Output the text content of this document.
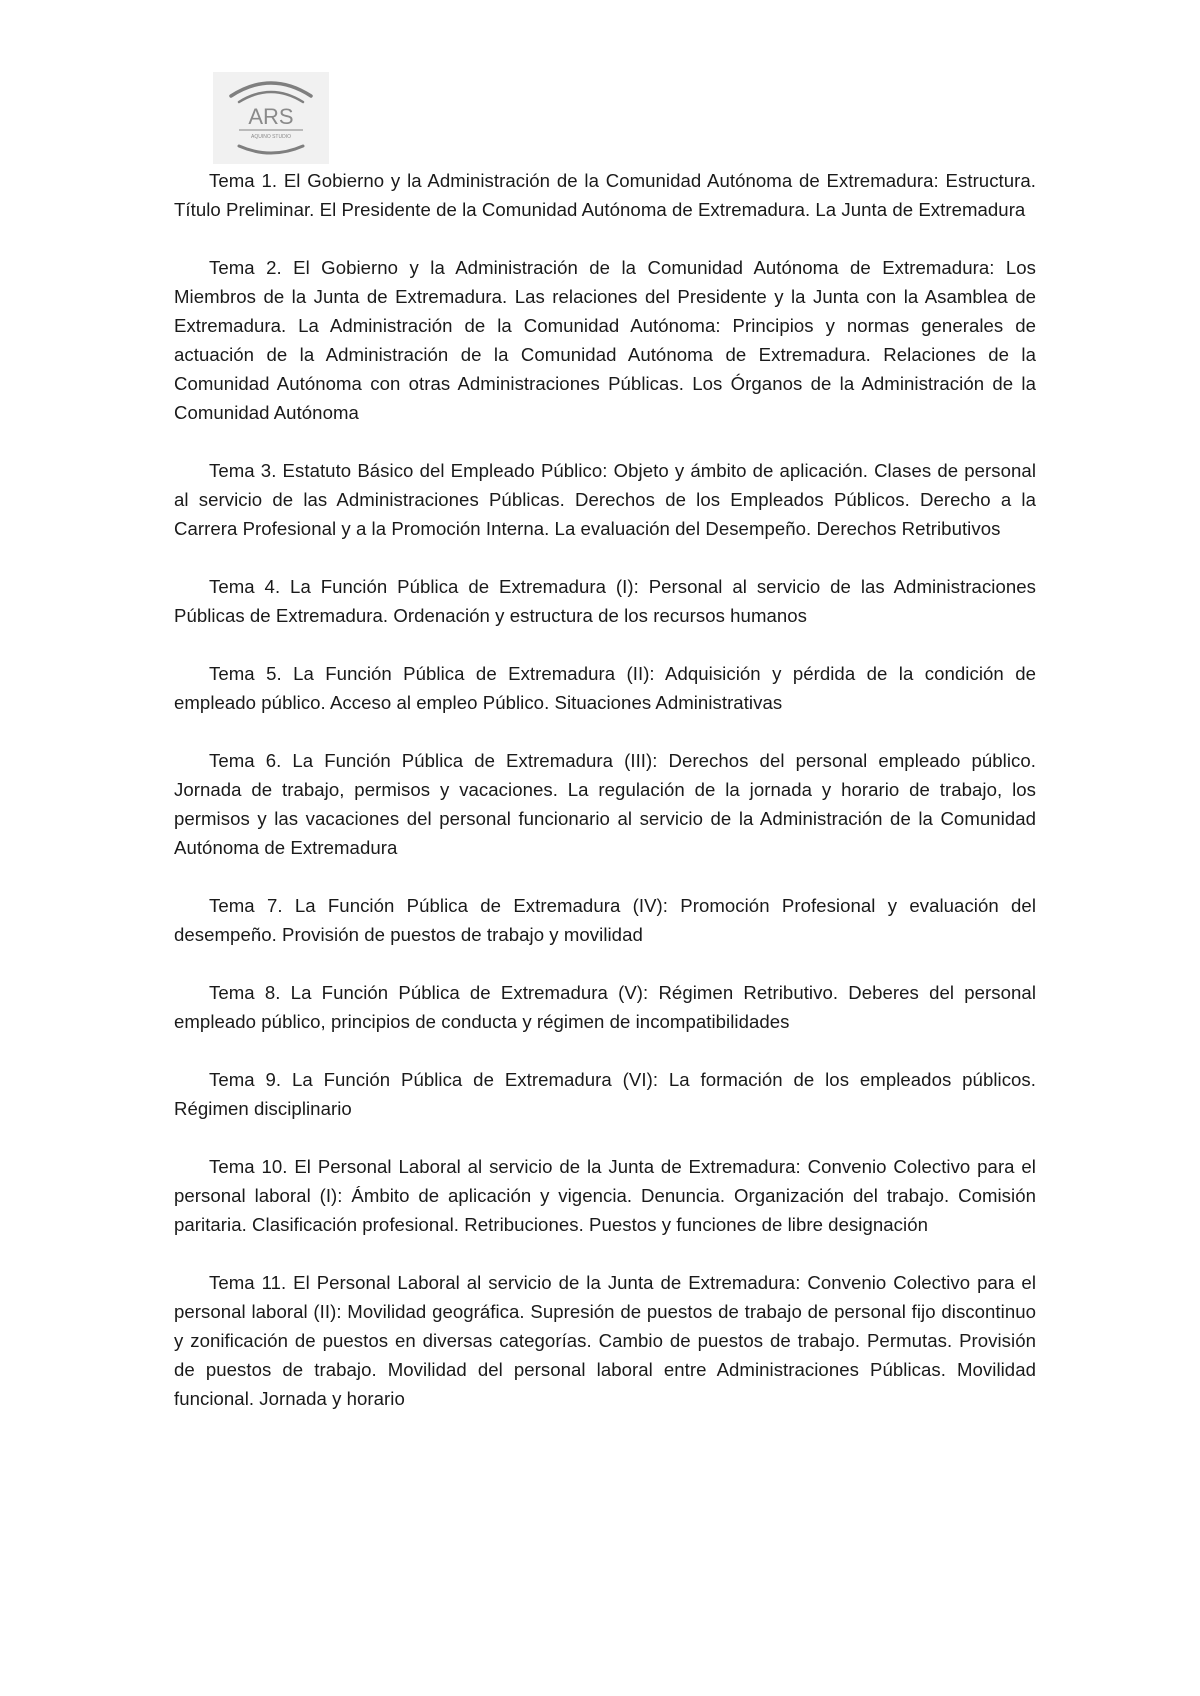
ARS
AQUINO STUDIO

Tema 1. El Gobierno y la Administración de la Comunidad Autónoma de Extremadura: Estructura. Título Preliminar. El Presidente de la Comunidad Autónoma de Extremadura. La Junta de Extremadura

Tema 2. El Gobierno y la Administración de la Comunidad Autónoma de Extremadura: Los Miembros de la Junta de Extremadura. Las relaciones del Presidente y la Junta con la Asamblea de Extremadura. La Administración de la Comunidad Autónoma: Principios y normas generales de actuación de la Administración de la Comunidad Autónoma de Extremadura. Relaciones de la Comunidad Autónoma con otras Administraciones Públicas. Los Órganos de la Administración de la Comunidad Autónoma

Tema 3. Estatuto Básico del Empleado Público: Objeto y ámbito de aplicación. Clases de personal al servicio de las Administraciones Públicas. Derechos de los Empleados Públicos. Derecho a la Carrera Profesional y a la Promoción Interna. La evaluación del Desempeño. Derechos Retributivos

Tema 4. La Función Pública de Extremadura (I): Personal al servicio de las Administraciones Públicas de Extremadura. Ordenación y estructura de los recursos humanos

Tema 5. La Función Pública de Extremadura (II): Adquisición y pérdida de la condición de empleado público. Acceso al empleo Público. Situaciones Administrativas

Tema 6. La Función Pública de Extremadura (III): Derechos del personal empleado público. Jornada de trabajo, permisos y vacaciones. La regulación de la jornada y horario de trabajo, los permisos y las vacaciones del personal funcionario al servicio de la Administración de la Comunidad Autónoma de Extremadura

Tema 7. La Función Pública de Extremadura (IV): Promoción Profesional y evaluación del desempeño. Provisión de puestos de trabajo y movilidad

Tema 8. La Función Pública de Extremadura (V): Régimen Retributivo. Deberes del personal empleado público, principios de conducta y régimen de incompatibilidades

Tema 9. La Función Pública de Extremadura (VI): La formación de los empleados públicos. Régimen disciplinario

Tema 10. El Personal Laboral al servicio de la Junta de Extremadura: Convenio Colectivo para el personal laboral (I): Ámbito de aplicación y vigencia. Denuncia. Organización del trabajo. Comisión paritaria. Clasificación profesional. Retribuciones. Puestos y funciones de libre designación

Tema 11. El Personal Laboral al servicio de la Junta de Extremadura: Convenio Colectivo para el personal laboral (II): Movilidad geográfica. Supresión de puestos de trabajo de personal fijo discontinuo y zonificación de puestos en diversas categorías. Cambio de puestos de trabajo. Permutas. Provisión de puestos de trabajo. Movilidad del personal laboral entre Administraciones Públicas. Movilidad funcional. Jornada y horario
